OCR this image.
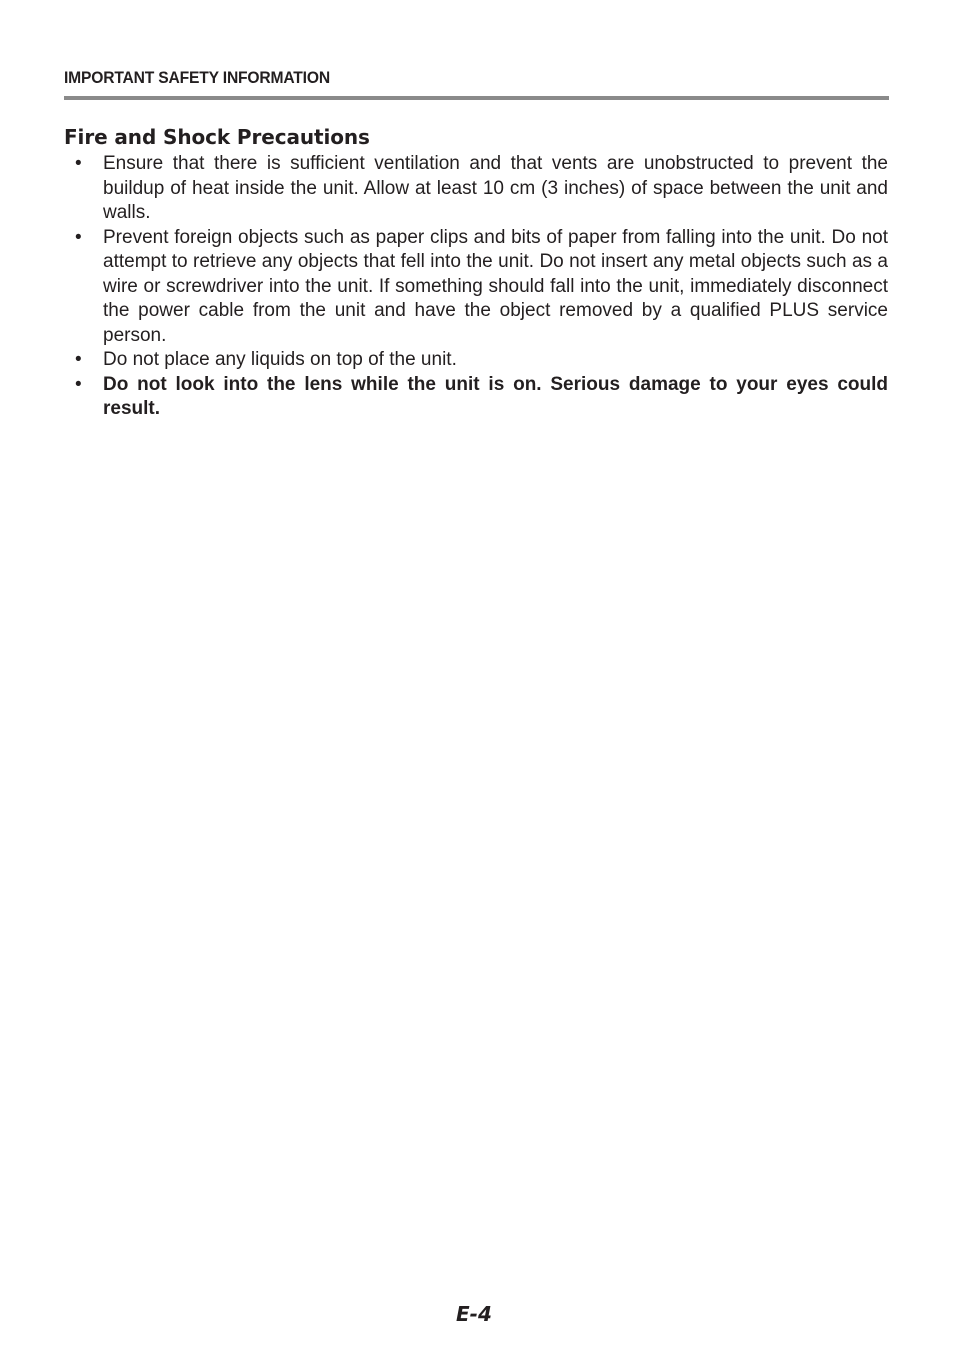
IMPORTANT SAFETY INFORMATION
Fire and Shock Precautions
•	Ensure that there is sufficient ventilation and that vents are unobstructed to prevent the buildup of heat inside the unit. Allow at least 10 cm (3 inches) of space between the unit and walls.
•	Prevent foreign objects such as paper clips and bits of paper from falling into the unit. Do not attempt to retrieve any objects that fell into the unit. Do not insert any metal objects such as a wire or screwdriver into the unit. If something should fall into the unit, immediately disconnect the power cable from the unit and have the object removed by a qualified PLUS service person.
•	Do not place any liquids on top of the unit.
•	Do not look into the lens while the unit is on. Serious damage to your eyes could result.
E-4
